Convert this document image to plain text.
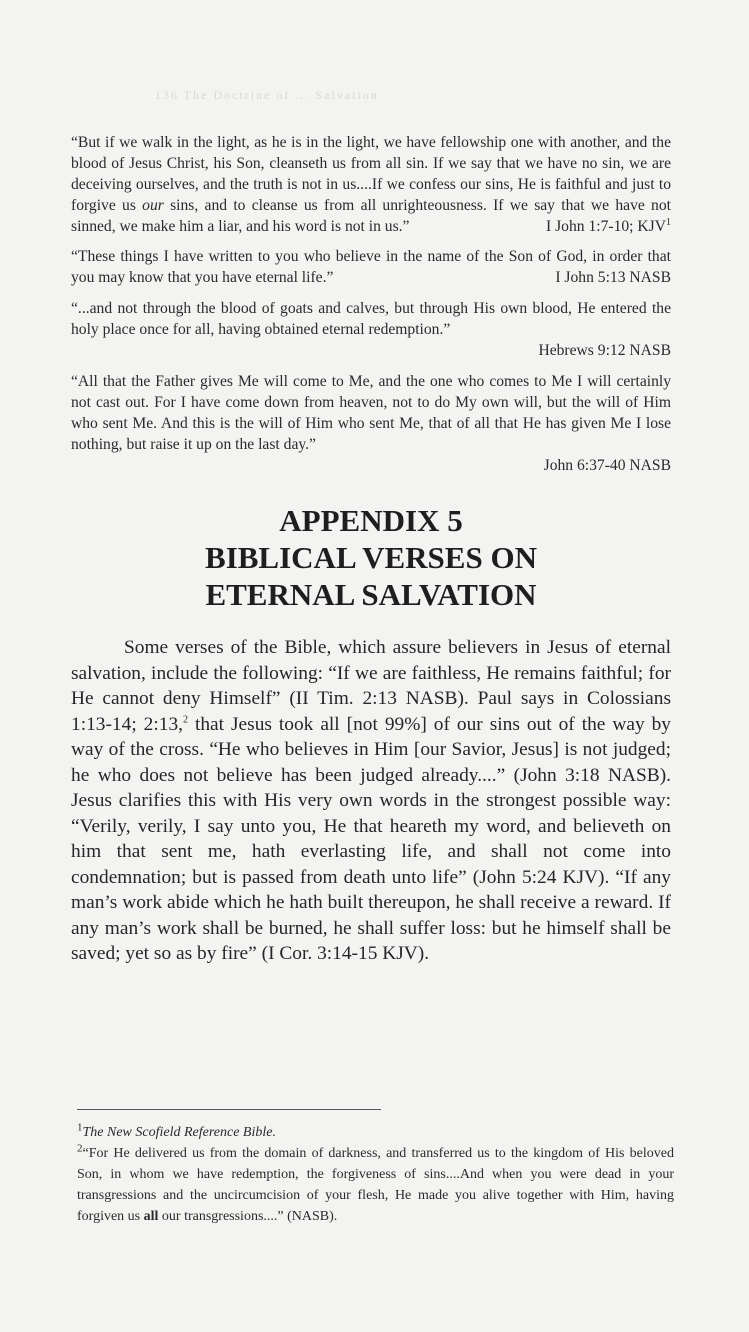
136 The Doctrine of ... Salvation

“But if we walk in the light, as he is in the light, we have fellowship one with another, and the blood of Jesus Christ, his Son, cleanseth us from all sin. If we say that we have no sin, we are deceiving ourselves, and the truth is not in us....If we confess our sins, He is faithful and just to forgive us our sins, and to cleanse us from all unrighteousness. If we say that we have not sinned, we make him a liar, and his word is not in us.”	I John 1:7-10; KJV$^1$

“These things I have written to you who believe in the name of the Son of God, in order that you may know that you have eternal life.”	I John 5:13 NASB

“...and not through the blood of goats and calves, but through His own blood, He entered the holy place once for all, having obtained eternal redemption.”

Hebrews 9:12 NASB

“All that the Father gives Me will come to Me, and the one who comes to Me I will certainly not cast out. For I have come down from heaven, not to do My own will, but the will of Him who sent Me. And this is the will of Him who sent Me, that of all that He has given Me I lose nothing, but raise it up on the last day.”

John 6:37-40 NASB
APPENDIX 5
BIBLICAL VERSES ON
ETERNAL SALVATION

Some verses of the Bible, which assure believers in Jesus of eternal salvation, include the following: “If we are faithless, He remains faithful; for He cannot deny Himself” (II Tim. 2:13 NASB). Paul says in Colossians 1:13-14; 2:13,$^2$ that Jesus took all [not 99%] of our sins out of the way by way of the cross. “He who believes in Him [our Savior, Jesus] is not judged; he who does not believe has been judged already....” (John 3:18 NASB). Jesus clarifies this with His very own words in the strongest possible way: “Verily, verily, I say unto you, He that heareth my word, and believeth on him that sent me, hath everlasting life, and shall not come into condemnation; but is passed from death unto life” (John 5:24 KJV). “If any man’s work abide which he hath built thereupon, he shall receive a reward. If any man’s work shall be burned, he shall suffer loss: but he himself shall be saved; yet so as by fire” (I Cor. 3:14-15 KJV).

$^1$The New Scofield Reference Bible.

$^2$“For He delivered us from the domain of darkness, and transferred us to the kingdom of His beloved Son, in whom we have redemption, the forgiveness of sins....And when you were dead in your transgressions and the uncircumcision of your flesh, He made you alive together with Him, having forgiven us all our transgressions....” (NASB).
